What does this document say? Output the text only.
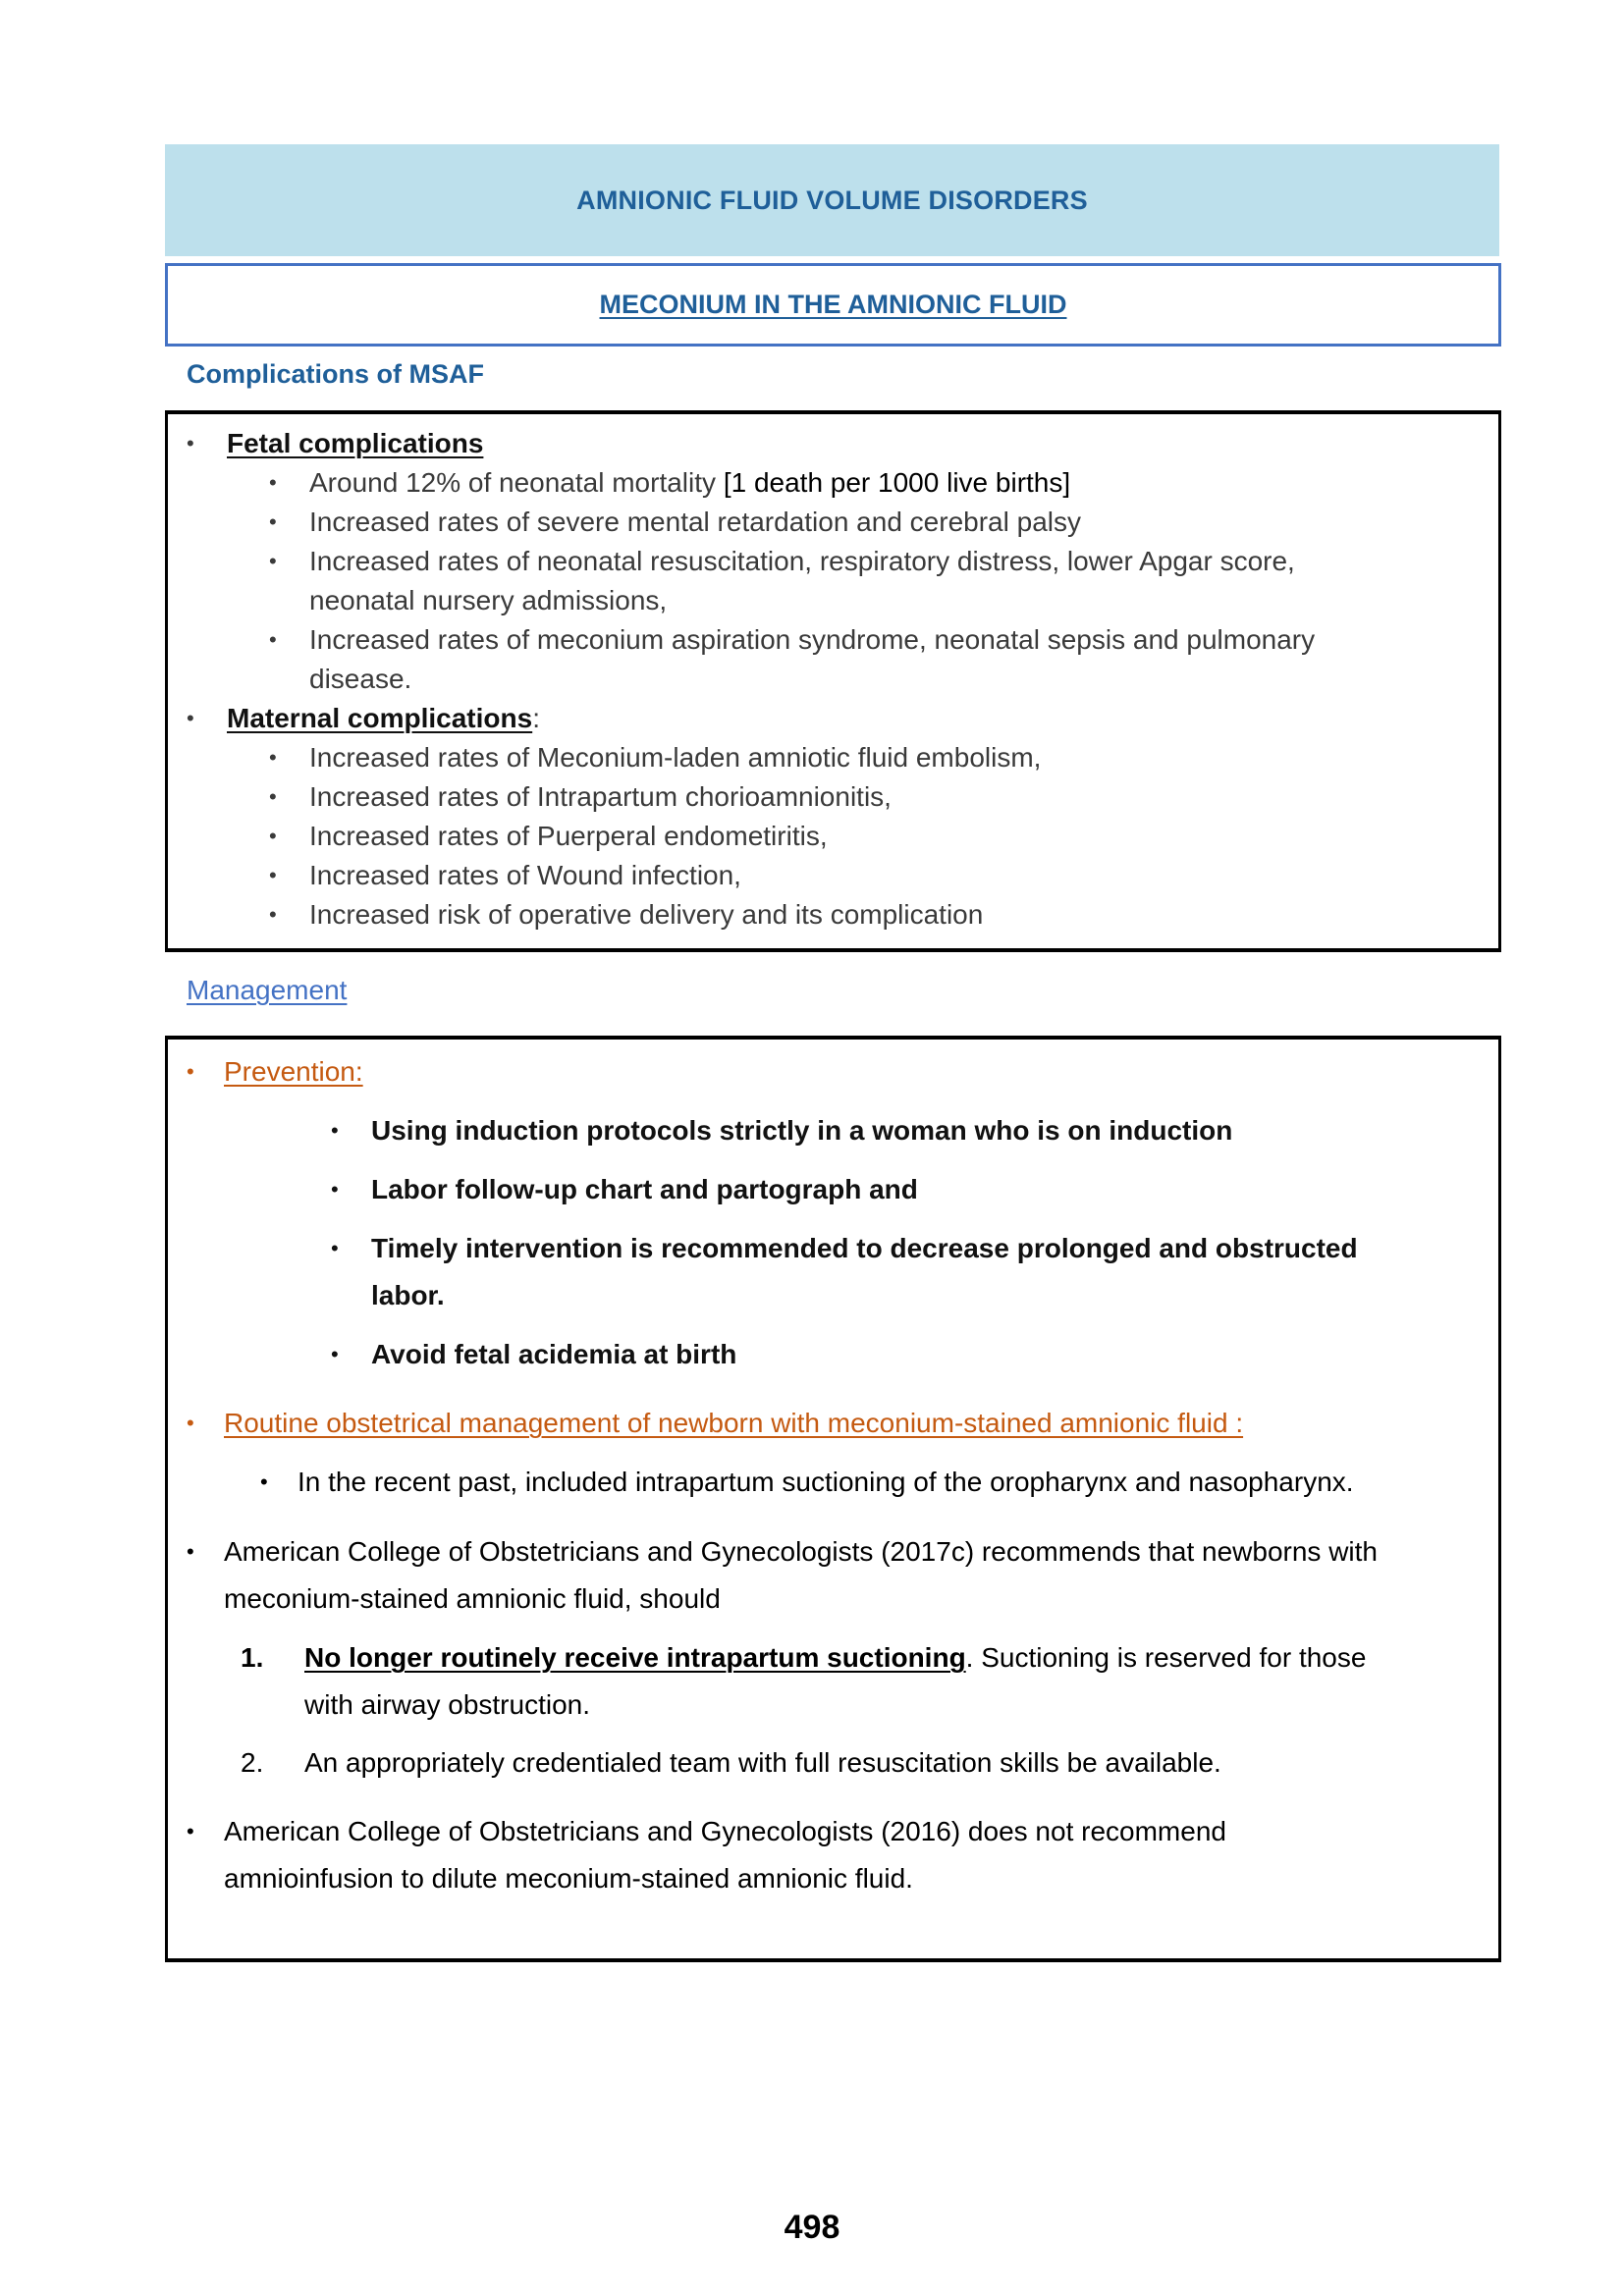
AMNIONIC FLUID VOLUME DISORDERS
MECONIUM IN THE AMNIONIC FLUID
Complications of MSAF
• Fetal complications
• Around 12% of neonatal mortality [1 death per 1000 live births]
• Increased rates of severe mental retardation and cerebral palsy
• Increased rates of neonatal resuscitation, respiratory distress, lower Apgar score,
neonatal nursery admissions,
• Increased rates of meconium aspiration syndrome, neonatal sepsis and pulmonary
disease.
• Maternal complications:
• Increased rates of Meconium-laden amniotic fluid embolism,
• Increased rates of Intrapartum chorioamnionitis,
• Increased rates of Puerperal endometiritis,
• Increased rates of Wound infection,
• Increased risk of operative delivery and its complication
Management
• Prevention:
• Using induction protocols strictly in a woman who is on induction
• Labor follow-up chart and partograph and
• Timely intervention is recommended to decrease prolonged and obstructed
labor.
• Avoid fetal acidemia at birth
• Routine obstetrical management of newborn with meconium-stained amnionic fluid :
• In the recent past, included intrapartum suctioning of the oropharynx and nasopharynx.
• American College of Obstetricians and Gynecologists (2017c) recommends that newborns with
meconium-stained amnionic fluid, should
1. No longer routinely receive intrapartum suctioning. Suctioning is reserved for those
with airway obstruction.
2. An appropriately credentialed team with full resuscitation skills be available.
• American College of Obstetricians and Gynecologists (2016) does not recommend
amnioinfusion to dilute meconium-stained amnionic fluid.
498
